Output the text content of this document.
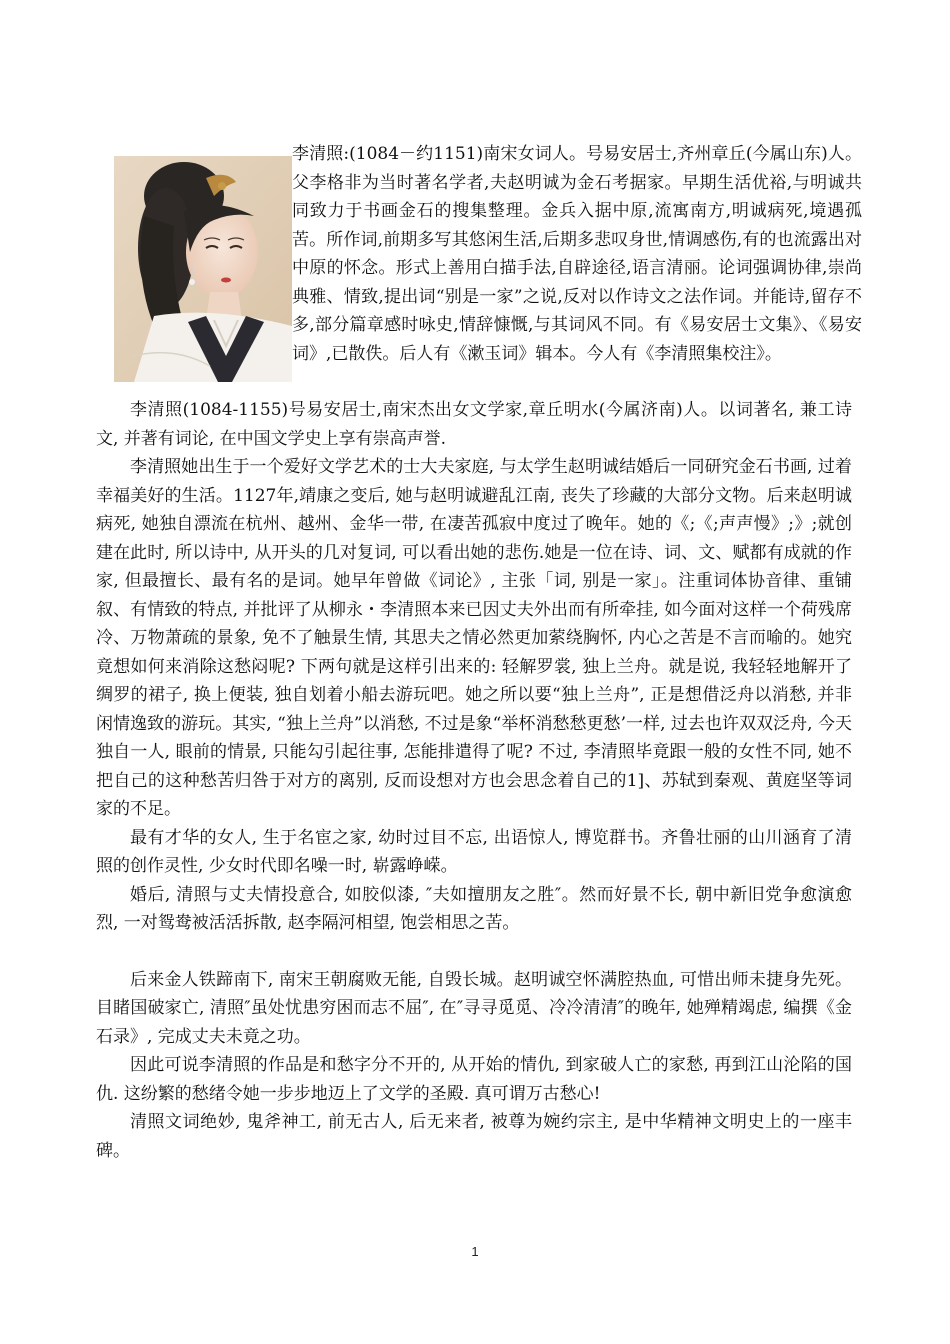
李清照:(1084－约1151)南宋女词人。号易安居士,齐州章丘(今属山东)人。父李格非为当时著名学者,夫赵明诚为金石考据家。早期生活优裕,与明诚共同致力于书画金石的搜集整理。金兵入据中原,流寓南方,明诚病死,境遇孤苦。所作词,前期多写其悠闲生活,后期多悲叹身世,情调感伤,有的也流露出对中原的怀念。形式上善用白描手法,自辟途径,语言清丽。论词强调协律,崇尚典雅、情致,提出词“别是一家”之说,反对以作诗文之法作词。并能诗,留存不多,部分篇章感时咏史,情辞慷慨,与其词风不同。有《易安居士文集》、《易安词》,已散佚。后人有《漱玉词》辑本。今人有《李清照集校注》。

李清照(1084-1155)号易安居士,南宋杰出女文学家,章丘明水(今属济南)人。以词著名, 兼工诗文, 并著有词论, 在中国文学史上享有崇高声誉.

李清照她出生于一个爱好文学艺术的士大夫家庭, 与太学生赵明诚结婚后一同研究金石书画, 过着幸福美好的生活。1127年,靖康之变后, 她与赵明诚避乱江南, 丧失了珍藏的大部分文物。后来赵明诚病死, 她独自漂流在杭州、越州、金华一带, 在凄苦孤寂中度过了晚年。她的《;《;声声慢》;》;就创建在此时, 所以诗中, 从开头的几对复词, 可以看出她的悲伤.她是一位在诗、词、文、赋都有成就的作家, 但最擅长、最有名的是词。她早年曾做《词论》, 主张「词, 别是一家」。注重词体协音律、重铺叙、有情致的特点, 并批评了从柳永・李清照本来已因丈夫外出而有所牵挂, 如今面对这样一个荷残席冷、万物萧疏的景象, 免不了触景生情, 其思夫之情必然更加萦绕胸怀, 内心之苦是不言而喻的。她究竟想如何来消除这愁闷呢? 下两句就是这样引出来的: 轻解罗裳, 独上兰舟。就是说, 我轻轻地解开了绸罗的裙子, 换上便装, 独自划着小船去游玩吧。她之所以要“独上兰舟”, 正是想借泛舟以消愁, 并非闲情逸致的游玩。其实, “独上兰舟”以消愁, 不过是象“举杯消愁愁更愁’一样, 过去也许双双泛舟, 今天独自一人, 眼前的情景, 只能勾引起往事, 怎能排遣得了呢? 不过, 李清照毕竟跟一般的女性不同, 她不把自己的这种愁苦归咎于对方的离别, 反而设想对方也会思念着自己的1]、苏轼到秦观、黄庭坚等词家的不足。

最有才华的女人, 生于名宦之家, 幼时过目不忘, 出语惊人, 博览群书。齐鲁壮丽的山川涵育了清照的创作灵性, 少女时代即名噪一时, 崭露峥嵘。

婚后, 清照与丈夫情投意合, 如胶似漆, ″夫如擅朋友之胜″。然而好景不长, 朝中新旧党争愈演愈烈, 一对鸳鸯被活活拆散, 赵李隔河相望, 饱尝相思之苦。

后来金人铁蹄南下, 南宋王朝腐败无能, 自毁长城。赵明诚空怀满腔热血, 可惜出师未捷身先死。目睹国破家亡, 清照″虽处忧患穷困而志不屈″, 在″寻寻觅觅、冷冷清清″的晚年, 她殚精竭虑, 编撰《金石录》, 完成丈夫未竟之功。

因此可说李清照的作品是和愁字分不开的, 从开始的情仇, 到家破人亡的家愁, 再到江山沦陷的国仇. 这纷繁的愁绪令她一步步地迈上了文学的圣殿. 真可谓万古愁心!

清照文词绝妙, 鬼斧神工, 前无古人, 后无来者, 被尊为婉约宗主, 是中华精神文明史上的一座丰碑。

1
